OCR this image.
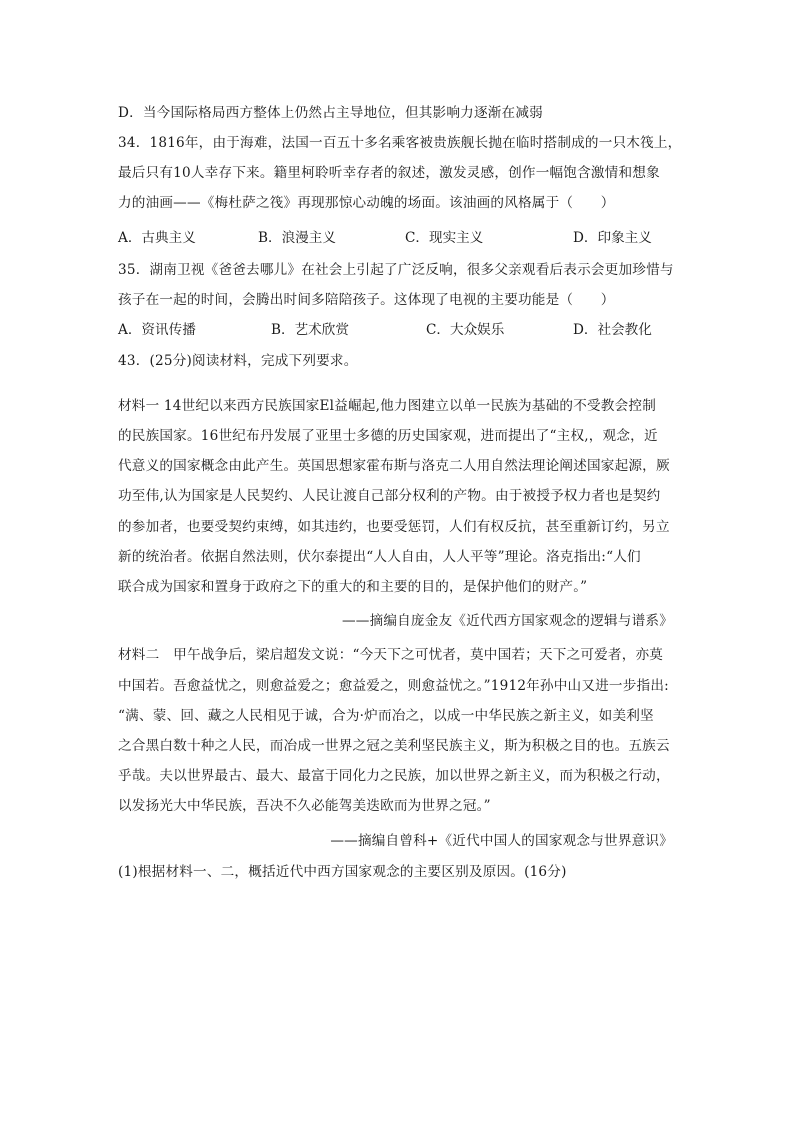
D．当今国际格局西方整体上仍然占主导地位，但其影响力逐渐在减弱
34．1816年，由于海难，法国一百五十多名乘客被贵族舰长抛在临时搭制成的一只木筏上，
最后只有10人幸存下来。籍里柯聆听幸存者的叙述，激发灵感，创作一幅饱含激情和想象
力的油画——《梅杜萨之筏》再现那惊心动魄的场面。该油画的风格属于（　　）
A．古典主义	B．浪漫主义	C．现实主义	D．印象主义
35．湖南卫视《爸爸去哪儿》在社会上引起了广泛反响，很多父亲观看后表示会更加珍惜与
孩子在一起的时间，会腾出时间多陪陪孩子。这体现了电视的主要功能是（　　）
A．资讯传播	B．艺术欣赏	C．大众娱乐	D．社会教化
43．(25分)阅读材料，完成下列要求。
材料一 14世纪以来西方民族国家El益崛起,他力图建立以单一民族为基础的不受教会控制
的民族国家。16世纪布丹发展了亚里士多德的历史国家观，进而提出了“主权,，观念，近
代意义的国家概念由此产生。英国思想家霍布斯与洛克二人用自然法理论阐述国家起源，厥
功至伟,认为国家是人民契约、人民让渡自己部分权利的产物。由于被授予权力者也是契约
的参加者，也要受契约束缚，如其违约，也要受惩罚，人们有权反抗，甚至重新订约，另立
新的统治者。依据自然法则，伏尔泰提出“人人自由，人人平等”理论。洛克指出:“人们
联合成为国家和置身于政府之下的重大的和主要的目的，是保护他们的财产。”
——摘编自庞金友《近代西方国家观念的逻辑与谱系》
材料二　甲午战争后，梁启超发文说：“今天下之可忧者，莫中国若；天下之可爱者，亦莫
中国若。吾愈益忧之，则愈益爱之；愈益爱之，则愈益忧之。”1912年孙中山又进一步指出:
“满、蒙、回、藏之人民相见于诚，合为·炉而冶之，以成一中华民族之新主义，如美利坚
之合黑白数十种之人民，而冶成一世界之冠之美利坚民族主义，斯为积极之目的也。五族云
乎哉。夫以世界最古、最大、最富于同化力之民族，加以世界之新主义，而为积极之行动，
以发扬光大中华民族，吾决不久必能驾美迭欧而为世界之冠。”
——摘编自曾科+《近代中国人的国家观念与世界意识》
(1)根据材料一、二，概括近代中西方国家观念的主要区别及原因。(16分)
